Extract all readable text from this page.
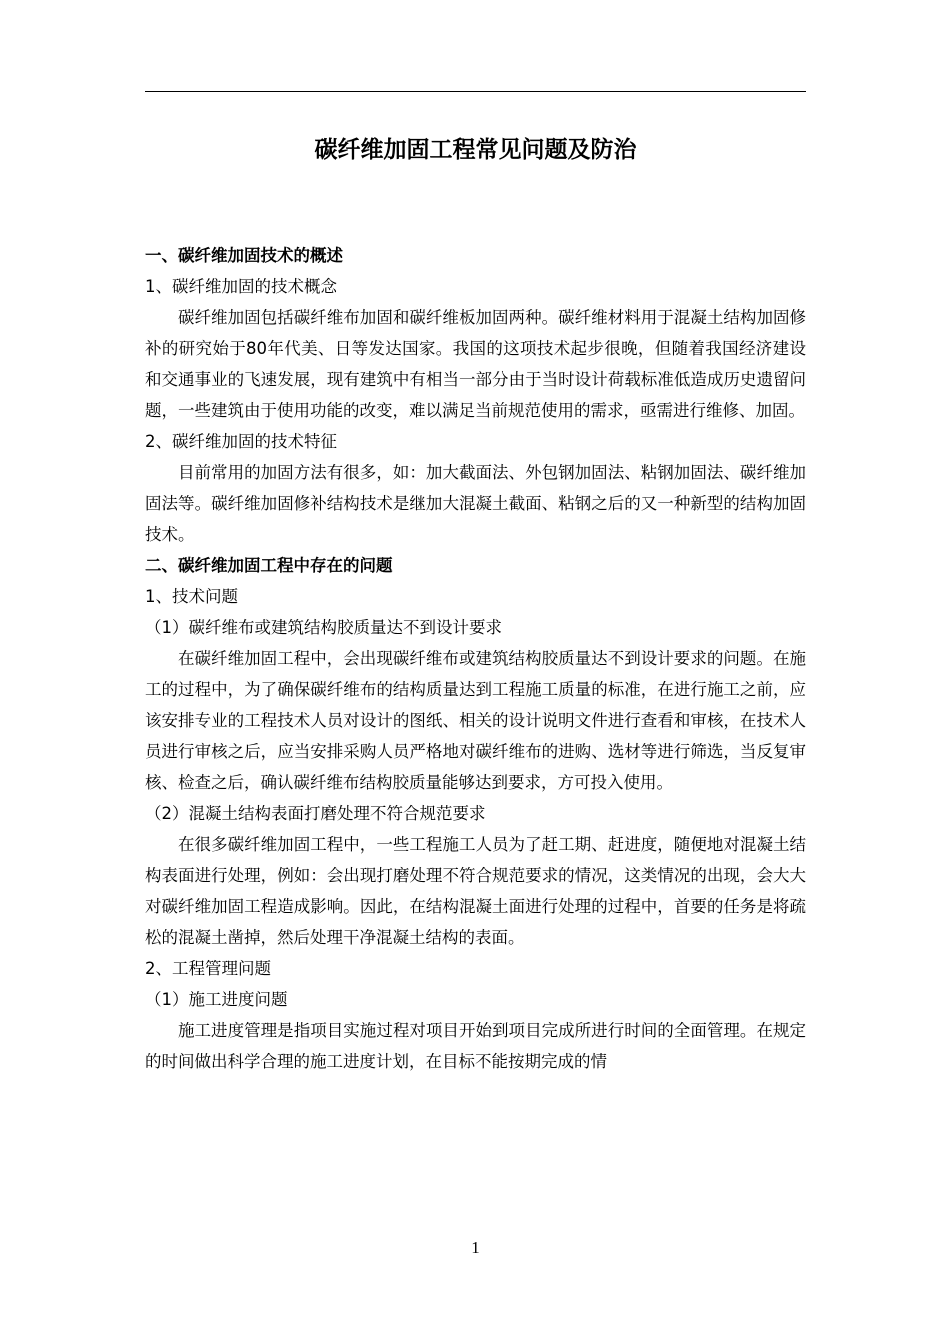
碳纤维加固工程常见问题及防治
一、碳纤维加固技术的概述
1、碳纤维加固的技术概念

碳纤维加固包括碳纤维布加固和碳纤维板加固两种。碳纤维材料用于混凝土结构加固修补的研究始于80年代美、日等发达国家。我国的这项技术起步很晚，但随着我国经济建设和交通事业的飞速发展，现有建筑中有相当一部分由于当时设计荷载标准低造成历史遗留问题，一些建筑由于使用功能的改变，难以满足当前规范使用的需求，亟需进行维修、加固。

2、碳纤维加固的技术特征

目前常用的加固方法有很多，如：加大截面法、外包钢加固法、粘钢加固法、碳纤维加固法等。碳纤维加固修补结构技术是继加大混凝土截面、粘钢之后的又一种新型的结构加固技术。

二、碳纤维加固工程中存在的问题
1、技术问题

（1）碳纤维布或建筑结构胶质量达不到设计要求

在碳纤维加固工程中，会出现碳纤维布或建筑结构胶质量达不到设计要求的问题。在施工的过程中，为了确保碳纤维布的结构质量达到工程施工质量的标准，在进行施工之前，应该安排专业的工程技术人员对设计的图纸、相关的设计说明文件进行查看和审核，在技术人员进行审核之后，应当安排采购人员严格地对碳纤维布的进购、选材等进行筛选，当反复审核、检查之后，确认碳纤维布结构胶质量能够达到要求，方可投入使用。

（2）混凝土结构表面打磨处理不符合规范要求

在很多碳纤维加固工程中，一些工程施工人员为了赶工期、赶进度，随便地对混凝土结构表面进行处理，例如：会出现打磨处理不符合规范要求的情况，这类情况的出现，会大大对碳纤维加固工程造成影响。因此，在结构混凝土面进行处理的过程中，首要的任务是将疏松的混凝土凿掉，然后处理干净混凝土结构的表面。

2、工程管理问题

（1）施工进度问题

施工进度管理是指项目实施过程对项目开始到项目完成所进行时间的全面管理。在规定的时间做出科学合理的施工进度计划，在目标不能按期完成的情

1
